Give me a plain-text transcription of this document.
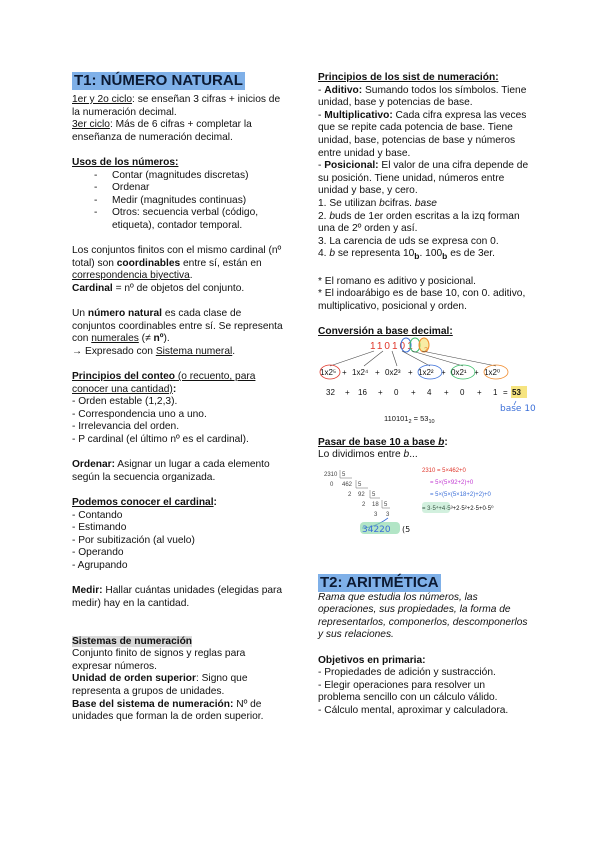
T1: NÚMERO NATURAL

1er y 2o ciclo: se enseñan 3 cifras + inicios de la numeración decimal.

3er ciclo: Más de 6 cifras + completar la enseñanza de numeración decimal.

Usos de los números:

- Contar (magnitudes discretas)
- Ordenar
- Medir (magnitudes continuas)
- Otros: secuencia verbal (código, etiqueta), contador temporal.

Los conjuntos finitos con el mismo cardinal (nº total) son coordinables entre sí, están en correspondencia biyectiva.

Cardinal = nº de objetos del conjunto.

Un número natural es cada clase de conjuntos coordinables entre sí. Se representa con numerales (≠ nº).

→ Expresado con Sistema numeral.

Principios del conteo (o recuento, para conocer una cantidad):

- Orden estable (1,2,3).

- Correspondencia uno a uno.

- Irrelevancia del orden.

- P cardinal (el último nº es el cardinal).

Ordenar: Asignar un lugar a cada elemento según la secuencia organizada.

Podemos conocer el cardinal:

- Contando

- Estimando

- Por subitización (al vuelo)

- Operando

- Agrupando

Medir: Hallar cuántas unidades (elegidas para medir) hay en la cantidad.

Sistemas de numeración

Conjunto finito de signos y reglas para expresar números.

Unidad de orden superior: Signo que representa a grupos de unidades.

Base del sistema de numeración: Nº de unidades que forman la de orden superior.

Principios de los sist de numeración:

- Aditivo: Sumando todos los símbolos. Tiene unidad, base y potencias de base.

- Multiplicativo: Cada cifra expresa las veces que se repite cada potencia de base. Tiene unidad, base, potencias de base y números entre unidad y base.

- Posicional: El valor de una cifra depende de su posición. Tiene unidad, números entre unidad y base, y cero.

1. Se utilizan bcifras. base

2. buds de 1er orden escritas a la izq forman una de 2º orden y así.

3. La carencia de uds se expresa con 0.

4. b se representa $10_b$. $100_b$ es de 3er.

* El romano es aditivo y posicional.

* El indoarábigo es de base 10, con 0. aditivo, multiplicativo, posicional y orden.

Conversión a base decimal:

110101
1x2⁵ + 1x2⁴ + 0x2³ + 1x2² + 0x2¹ + 1x2⁰
32 + 16 + 0 + 4 + 0 + 1 = 53
base 10
$110101_2 = 53_{10}$

Pasar de base 10 a base b:

Lo dividimos entre b...

2310 5
0 462 5
2 92 5
2 18 5
3 3
34220 (5
2310 = 5×462+0
= 5×(5×92+2)+0
= 5×(5×(5×18+2)+2)+0
= 3·5⁴+4·5³+2·5²+2·5+0·5⁰
T2: ARITMÉTICA

Rama que estudia los números, las operaciones, sus propiedades, la forma de representarlos, componerlos, descomponerlos y sus relaciones.

Objetivos en primaria:

- Propiedades de adición y sustracción.

- Elegir operaciones para resolver un problema sencillo con un cálculo válido.

- Cálculo mental, aproximar y calculadora.
